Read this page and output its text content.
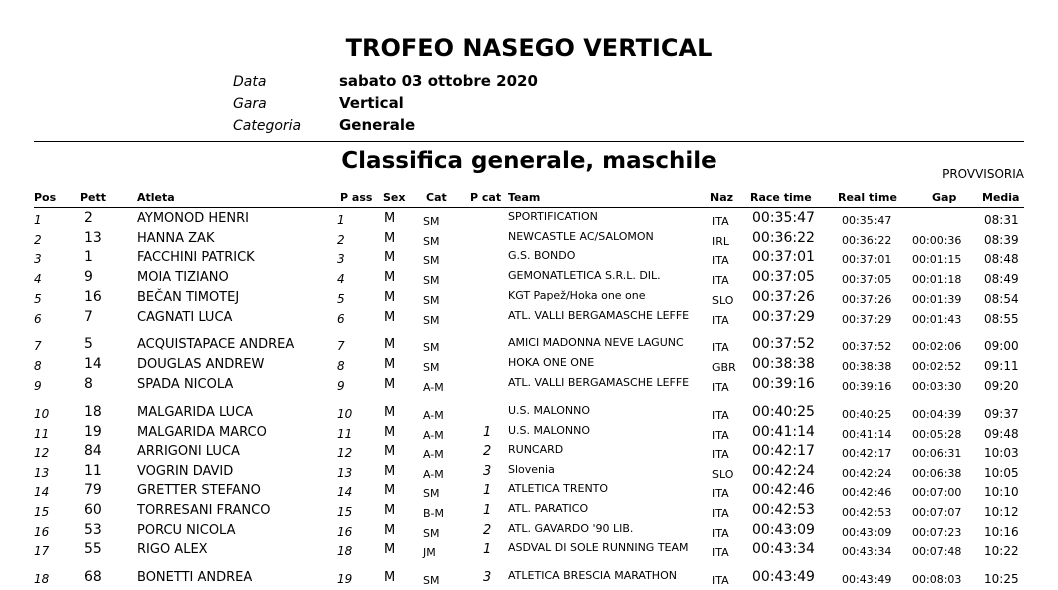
TROFEO NASEGO VERTICAL
Data	sabato 03 ottobre 2020
Gara	Vertical
Categoria	Generale
Classifica generale, maschile	PROVVISORIA
Pos Pett	Atleta	P ass Sex Cat P cat Team	Naz Race time Real time	Gap Media
1	2	AYMONOD HENRI	1	M	SM	SPORTIFICATION	ITA 00:35:47 00:35:47	08:31
2	13	HANNA ZAK	2	M	SM	NEWCASTLE AC/SALOMON	IRL 00:36:22 00:36:22 00:00:36 08:39
3	1	FACCHINI PATRICK	3	M	SM	G.S. BONDO	ITA 00:37:01 00:37:01 00:01:15 08:48
4	9	MOIA TIZIANO	4	M	SM	GEMONATLETICA S.R.L. DIL.	ITA 00:37:05 00:37:05 00:01:18 08:49
5	16	BEČAN TIMOTEJ	5	M	SM	KGT Papež/Hoka one one	SLO 00:37:26 00:37:26 00:01:39 08:54
6	7	CAGNATI LUCA	6	M	SM	ATL. VALLI BERGAMASCHE LEFFE	ITA 00:37:29 00:37:29 00:01:43 08:55
7	5	ACQUISTAPACE ANDREA	7	M	SM	AMICI MADONNA NEVE LAGUNC	ITA 00:37:52 00:37:52 00:02:06 09:00
8	14	DOUGLAS ANDREW	8	M	SM	HOKA ONE ONE	GBR 00:38:38 00:38:38 00:02:52 09:11
9	8	SPADA NICOLA	9	M	A-M	ATL. VALLI BERGAMASCHE LEFFE	ITA 00:39:16 00:39:16 00:03:30 09:20
10 18	MALGARIDA LUCA	10 M	A-M	U.S. MALONNO	ITA 00:40:25 00:40:25 00:04:39 09:37
11 19	MALGARIDA MARCO	11 M	A-M	1 U.S. MALONNO	ITA 00:41:14 00:41:14 00:05:28 09:48
12 84	ARRIGONI LUCA	12 M	A-M	2 RUNCARD	ITA 00:42:17 00:42:17 00:06:31 10:03
13 11	VOGRIN DAVID	13 M	A-M	3 Slovenia	SLO 00:42:24 00:42:24 00:06:38 10:05
14 79	GRETTER STEFANO	14 M	SM	1 ATLETICA TRENTO	ITA 00:42:46 00:42:46 00:07:00 10:10
15 60	TORRESANI FRANCO	15 M	B-M	1 ATL. PARATICO	ITA 00:42:53 00:42:53 00:07:07 10:12
16 53	PORCU NICOLA	16 M	SM	2 ATL. GAVARDO '90 LIB.	ITA 00:43:09 00:43:09 00:07:23 10:16
17 55	RIGO ALEX	18 M	JM	1 ASDVAL DI SOLE RUNNING TEAM	ITA 00:43:34 00:43:34 00:07:48 10:22
18 68	BONETTI ANDREA	19 M	SM	3 ATLETICA BRESCIA MARATHON	ITA 00:43:49 00:43:49 00:08:03 10:25
